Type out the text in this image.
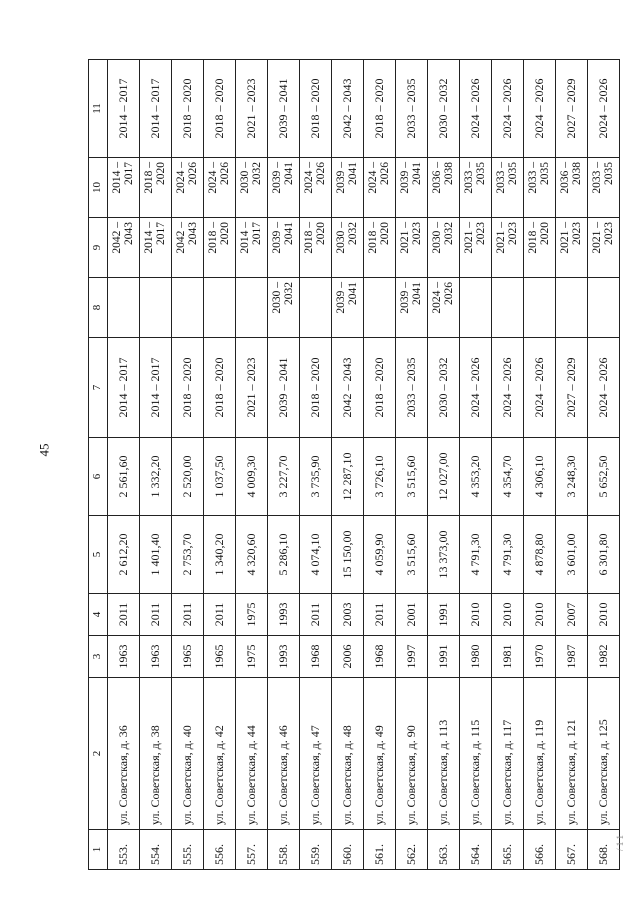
45
1	2	3	4	5	6	7	8	9	10	11
553.	ул. Советская, д. 36	1963	2011	2 612,20	2 561,60	2014 – 2017		2042 – 2043	2014 – 2017	2014 – 2017
554.	ул. Советская, д. 38	1963	2011	1 401,40	1 332,20	2014 – 2017		2014 – 2017	2018 – 2020	2014 – 2017
555.	ул. Советская, д. 40	1965	2011	2 753,70	2 520,00	2018 – 2020		2042 – 2043	2024 – 2026	2018 – 2020
556.	ул. Советская, д. 42	1965	2011	1 340,20	1 037,50	2018 – 2020		2018 – 2020	2024 – 2026	2018 – 2020
557.	ул. Советская, д. 44	1975	1975	4 320,60	4 009,30	2021 – 2023		2014 – 2017	2030 – 2032	2021 – 2023
558.	ул. Советская, д. 46	1993	1993	5 286,10	3 227,70	2039 – 2041	2030 – 2032	2039 – 2041	2039 – 2041	2039 – 2041
559.	ул. Советская, д. 47	1968	2011	4 074,10	3 735,90	2018 – 2020		2018 – 2020	2024 – 2026	2018 – 2020
560.	ул. Советская, д. 48	2006	2003	15 150,00	12 287,10	2042 – 2043	2039 – 2041	2030 – 2032	2039 – 2041	2042 – 2043
561.	ул. Советская, д. 49	1968	2011	4 059,90	3 726,10	2018 – 2020		2018 – 2020	2024 – 2026	2018 – 2020
562.	ул. Советская, д. 90	1997	2001	3 515,60	3 515,60	2033 – 2035	2039 – 2041	2021 – 2023	2039 – 2041	2033 – 2035
563.	ул. Советская, д. 113	1991	1991	13 373,00	12 027,00	2030 – 2032	2024 – 2026	2030 – 2032	2036 – 2038	2030 – 2032
564.	ул. Советская, д. 115	1980	2010	4 791,30	4 353,20	2024 – 2026		2021 – 2023	2033 – 2035	2024 – 2026
565.	ул. Советская, д. 117	1981	2010	4 791,30	4 354,70	2024 – 2026		2021 – 2023	2033 – 2035	2024 – 2026
566.	ул. Советская, д. 119	1970	2010	4 878,80	4 306,10	2024 – 2026		2018 – 2020	2033 – 2035	2024 – 2026
567.	ул. Советская, д. 121	1987	2007	3 601,00	3 248,30	2027 – 2029		2021 – 2023	2036 – 2038	2027 – 2029
568.	ул. Советская, д. 125	1982	2010	6 301,80	5 652,50	2024 – 2026		2021 – 2023	2033 – 2035	2024 – 2026
/ 1 1
